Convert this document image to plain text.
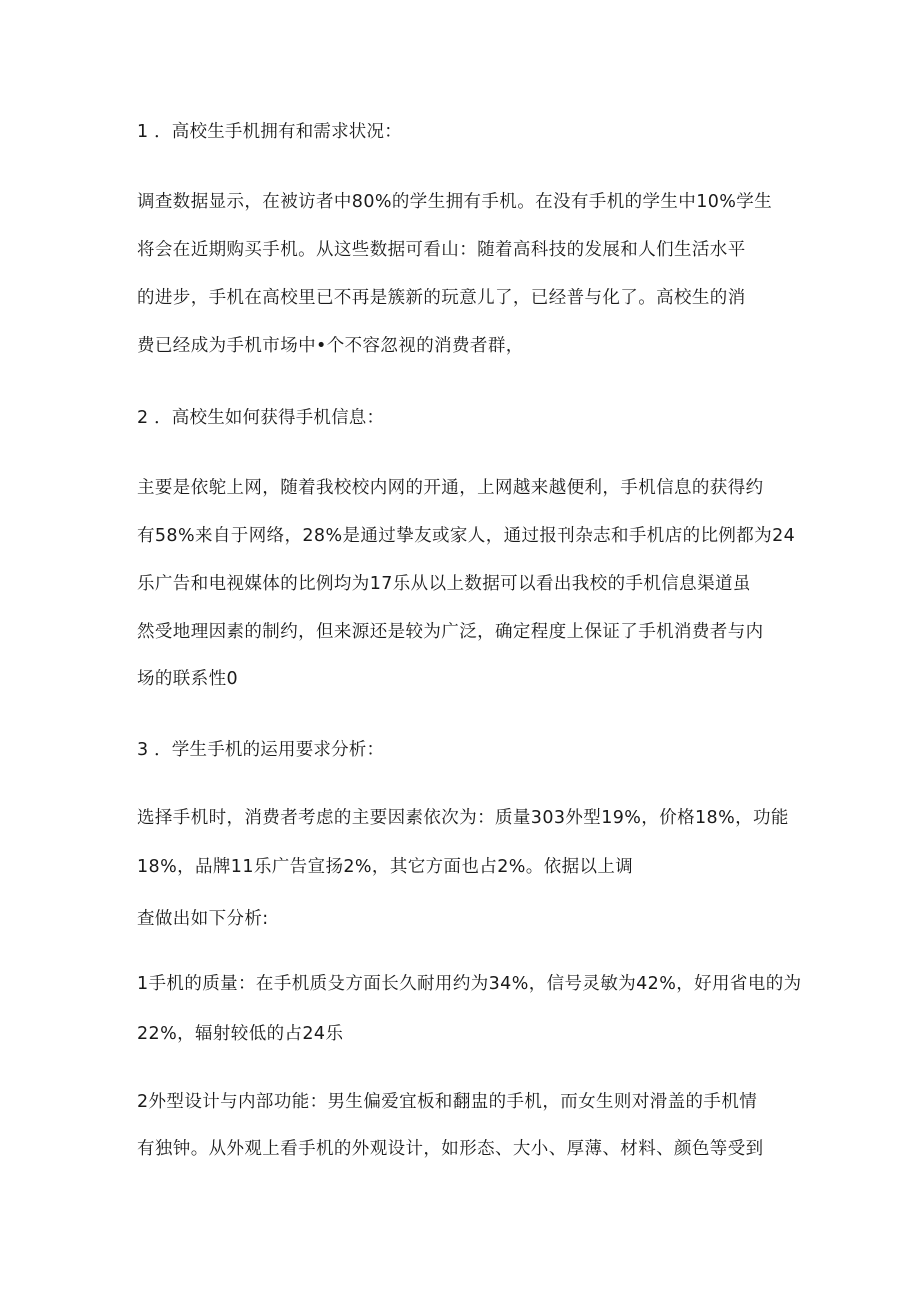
1 ．高校生手机拥有和需求状况：
调查数据显示，在被访者中80%的学生拥有手机。在没有手机的学生中10%学生
将会在近期购买手机。从这些数据可看山：随着高科技的发展和人们生活水平
的进步，手机在高校里已不再是簇新的玩意儿了，已经普与化了。高校生的消
费已经成为手机市场中•个不容忽视的消费者群，
2 ．高校生如何获得手机信息：
主要是依鸵上网，随着我校校内网的开通，上网越来越便利，手机信息的获得约
有58%来自于网络，28%是通过挚友或家人，通过报刊杂志和手机店的比例都为24
乐广告和电视媒体的比例均为17乐从以上数据可以看出我校的手机信息渠道虽
然受地理因素的制约，但来源还是较为广泛，确定程度上保证了手机消费者与内
场的联系性0
3 ．学生手机的运用要求分析：
选择手机时，消费者考虑的主要因素依次为：质量303外型19%，价格18%，功能
18%，品牌11乐广告宣扬2%，其它方面也占2%。依据以上调
查做出如下分析:
1手机的质量：在手机质殳方面长久耐用约为34%，信号灵敏为42%，好用省电的为
22%，辐射较低的占24乐
2外型设计与内部功能：男生偏爱宜板和翻盅的手机，而女生则对滑盖的手机情
有独钟。从外观上看手机的外观设计，如形态、大小、厚薄、材料、颜色等受到
